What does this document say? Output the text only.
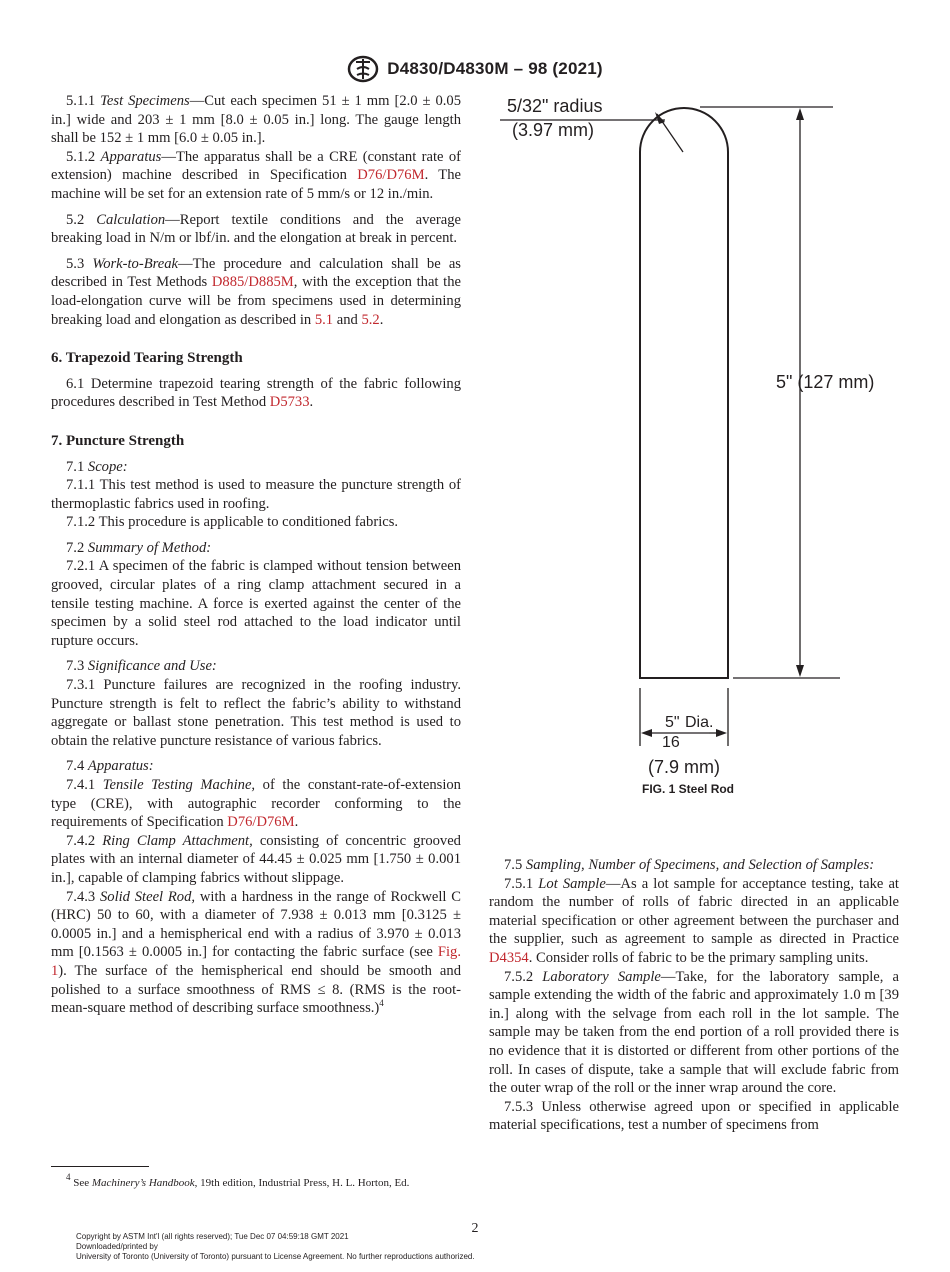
D4830/D4830M – 98 (2021)

5.1.1 Test Specimens—Cut each specimen 51 ± 1 mm [2.0 ± 0.05 in.] wide and 203 ± 1 mm [8.0 ± 0.05 in.] long. The gauge length shall be 152 ± 1 mm [6.0 ± 0.05 in.].

5.1.2 Apparatus—The apparatus shall be a CRE (constant rate of extension) machine described in Specification D76/D76M. The machine will be set for an extension rate of 5 mm/s or 12 in./min.

5.2 Calculation—Report textile conditions and the average breaking load in N/m or lbf/in. and the elongation at break in percent.

5.3 Work-to-Break—The procedure and calculation shall be as described in Test Methods D885/D885M, with the exception that the load-elongation curve will be from specimens used in determining breaking load and elongation as described in 5.1 and 5.2.

6. Trapezoid Tearing Strength

6.1 Determine trapezoid tearing strength of the fabric following procedures described in Test Method D5733.

7. Puncture Strength

7.1 Scope:

7.1.1 This test method is used to measure the puncture strength of thermoplastic fabrics used in roofing.

7.1.2 This procedure is applicable to conditioned fabrics.

7.2 Summary of Method:

7.2.1 A specimen of the fabric is clamped without tension between grooved, circular plates of a ring clamp attachment secured in a tensile testing machine. A force is exerted against the center of the specimen by a solid steel rod attached to the load indicator until rupture occurs.

7.3 Significance and Use:

7.3.1 Puncture failures are recognized in the roofing industry. Puncture strength is felt to reflect the fabric’s ability to withstand aggregate or ballast stone penetration. This test method is used to obtain the relative puncture resistance of various fabrics.

7.4 Apparatus:

7.4.1 Tensile Testing Machine, of the constant-rate-of-extension type (CRE), with autographic recorder conforming to the requirements of Specification D76/D76M.

7.4.2 Ring Clamp Attachment, consisting of concentric grooved plates with an internal diameter of 44.45 ± 0.025 mm [1.750 ± 0.001 in.], capable of clamping fabrics without slippage.

7.4.3 Solid Steel Rod, with a hardness in the range of Rockwell C (HRC) 50 to 60, with a diameter of 7.938 ± 0.013 mm [0.3125 ± 0.0005 in.] and a hemispherical end with a radius of 3.970 ± 0.013 mm [0.1563 ± 0.0005 in.] for contacting the fabric surface (see Fig. 1). The surface of the hemispherical end should be smooth and polished to a surface smoothness of RMS ≤ 8. (RMS is the root-mean-square method of describing surface smoothness.)$^4$

5/32" radius
(3.97 mm)
5" (127 mm)
5" Dia.
16
(7.9 mm)
FIG. 1 Steel Rod

7.5 Sampling, Number of Specimens, and Selection of Samples:

7.5.1 Lot Sample—As a lot sample for acceptance testing, take at random the number of rolls of fabric directed in an applicable material specification or other agreement between the purchaser and the supplier, such as agreement to sample as directed in Practice D4354. Consider rolls of fabric to be the primary sampling units.

7.5.2 Laboratory Sample—Take, for the laboratory sample, a sample extending the width of the fabric and approximately 1.0 m [39 in.] along with the selvage from each roll in the lot sample. The sample may be taken from the end portion of a roll provided there is no evidence that it is distorted or different from other portions of the roll. In cases of dispute, take a sample that will exclude fabric from the outer wrap of the roll or the inner wrap around the core.

7.5.3 Unless otherwise agreed upon or specified in applicable material specifications, test a number of specimens from

$^4$ See Machinery’s Handbook, 19th edition, Industrial Press, H. L. Horton, Ed.
2
Copyright by ASTM Int'l (all rights reserved); Tue Dec 07 04:59:18 GMT 2021
Downloaded/printed by
University of Toronto (University of Toronto) pursuant to License Agreement. No further reproductions authorized.
